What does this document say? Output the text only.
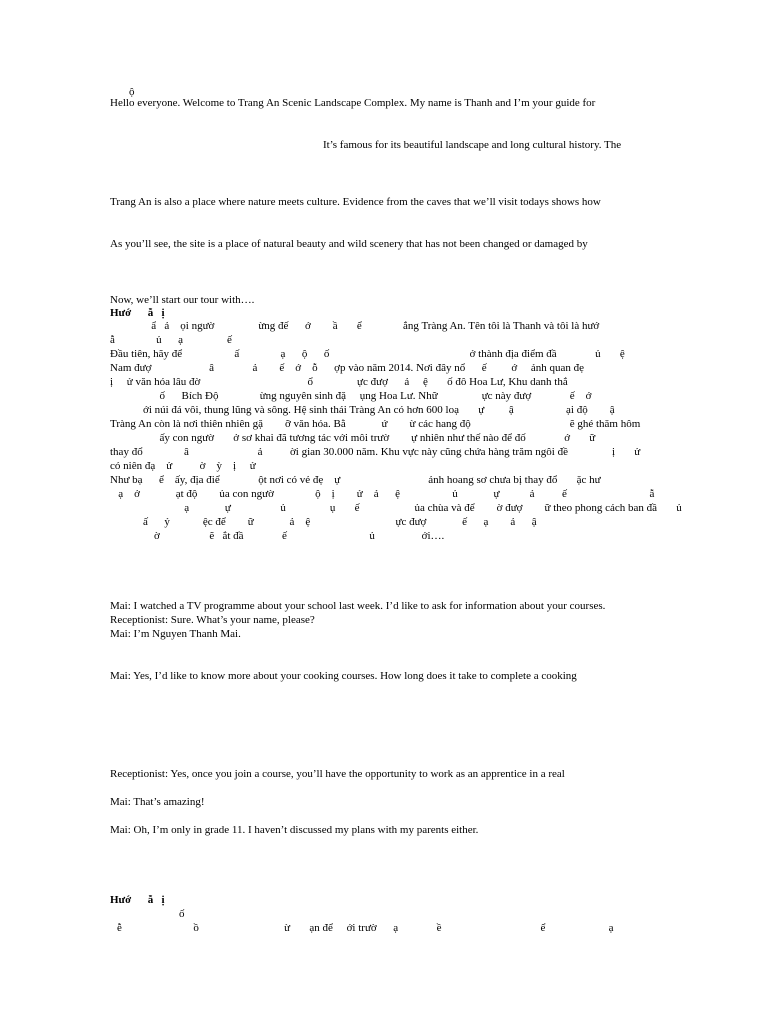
ộ
Hello everyone. Welcome to Trang An Scenic Landscape Complex. My name is Thanh and I’m your guide for
It’s famous for its beautiful landscape and long cultural history. The
Trang An is also a place where nature meets culture. Evidence from the caves that we’ll visit todays shows how
As you’ll see, the site is a place of natural beauty and wild scenery that has not been changed or damaged by
Now, we’ll start our tour with….
Hướ      ẫ   ị
ẩ   ả    ọi ngườ                ừng đế      ớ        ầ       ể               ắng Tràng An. Tên tôi là Thanh và tôi là hướ
ẫ               ủ      ạ                ế
Đầu tiên, hãy để                   ấ               ạ      ộ      ố                                                   ở thành địa điểm đầ              ủ       ệ
Nam đượ                     â              ả        ế    ớ    ỗ      ợp vào năm 2014. Nơi đây nổ      ế         ớ     ảnh quan đẹ
ị     ử văn hóa lâu đờ                                       ổ                ực đượ      ả     ệ       ố đô Hoa Lư, Khu danh thắ
ố      Bích Độ               ừng nguyên sinh đặ     ụng Hoa Lư. Nhữ                ực này đượ              ế    ớ
ới núi đá vôi, thung lũng và sông. Hệ sinh thái Tràng An có hơn 600 loạ       ự         ậ                   ại độ        ậ
Tràng An còn là nơi thiên nhiên gặ        ỡ văn hóa. Bằ             ứ        ừ các hang độ                                    ẽ ghé thăm hôm
ấy con ngườ       ở sơ khai đã tương tác với môi trườ        ự nhiên như thế nào để đố              ớ       ữ
thay đổ               â                         ả          ời gian 30.000 năm. Khu vực này cũng chứa hàng trăm ngôi đề                ị       ử
có niên đạ    ử          ờ    ỳ    ị     ử
Như bạ      ể    ấy, địa điể              ột nơi có vẻ đẹ    ự                                ảnh hoang sơ chưa bị thay đổ       ặc hư
ạ    ở             ạt độ        ủa con ngườ               ộ    ị        ử    ả      ệ                   ủ             ự           ả          ế                              ẫ
ạ             ự                  ủ                ụ       ế                    ủa chùa và để        ờ đượ        ữ theo phong cách ban đầ       ủ
ấ      ỷ            ệc để        ữ             ả    ệ                               ực đượ             ế      ạ        ả      ậ
ờ                  ẽ   ắt đầ              ế                              ủ                 ới….
Mai: I watched a TV programme about your school last week. I’d like to ask for information about your courses.
Receptionist: Sure. What’s your name, please?
Mai: I’m Nguyen Thanh Mai.
Mai: Yes, I’d like to know more about your cooking courses. How long does it take to complete a cooking
Receptionist: Yes, once you join a course, you’ll have the opportunity to work as an apprentice in a real
Mai: That’s amazing!
Mai: Oh, I’m only in grade 11. I haven’t discussed my plans with my parents either.
Hướ      ẫ   ị
ố
ễ                          ồ                               ừ       ạn để     ới trườ      ạ              ề                                    ể                       ạ
